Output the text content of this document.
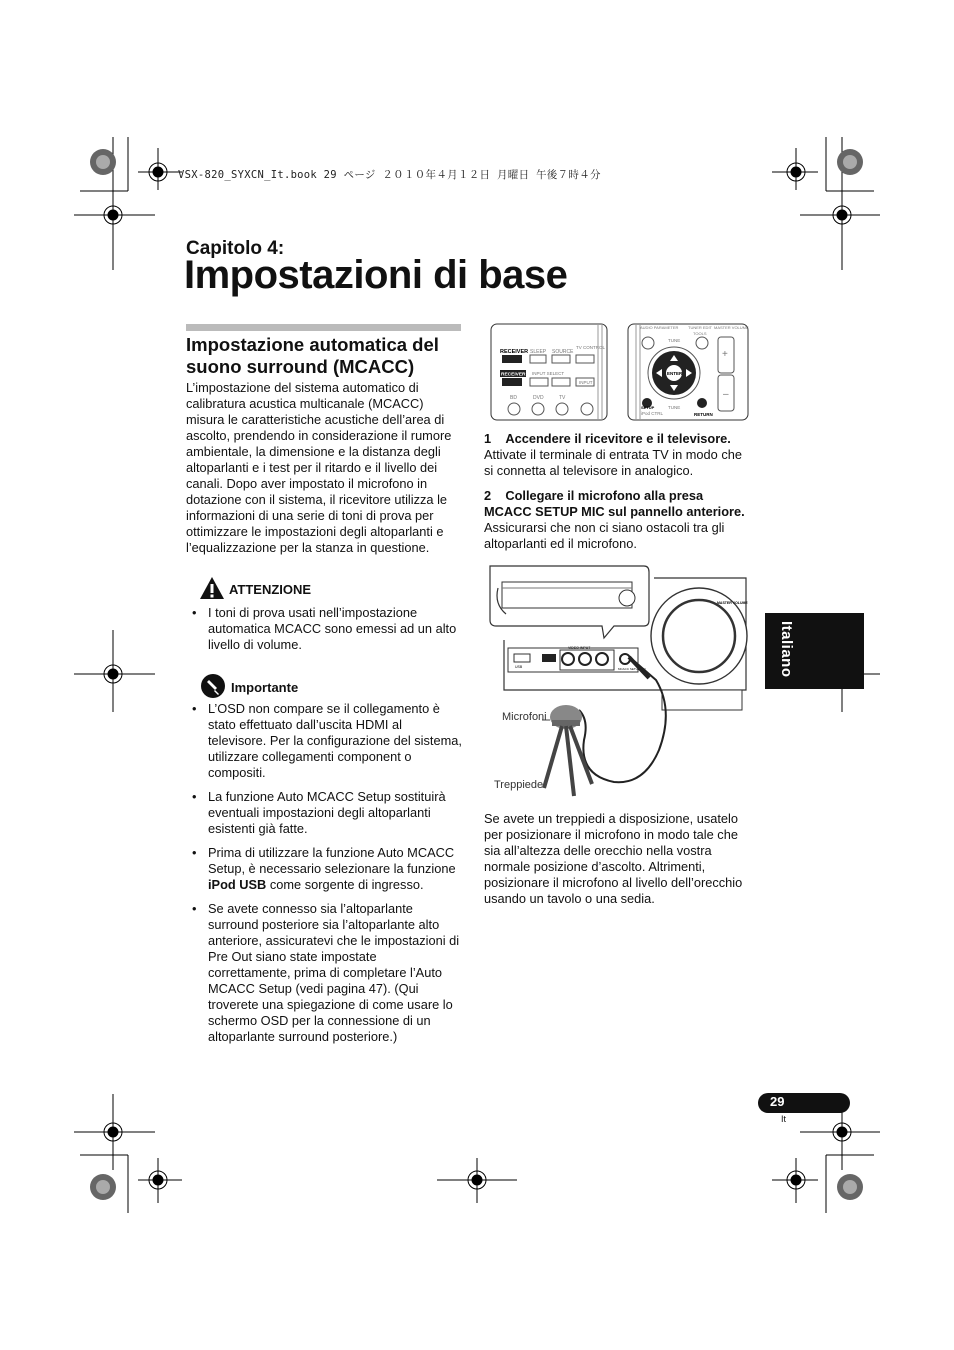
VSX-820_SYXCN_It.book 29 ページ ２０１０年４月１２日 月曜日 午後７時４分
Capitolo 4:
Impostazioni di base
Impostazione automatica del suono surround (MCACC)
L’impostazione del sistema automatico di calibratura acustica multicanale (MCACC) misura le caratteristiche acustiche dell’area di ascolto, prendendo in considerazione il rumore ambientale, la dimensione e la distanza degli altoparlanti e i test per il ritardo e il livello dei canali. Dopo aver impostato il microfono in dotazione con il sistema, il ricevitore utilizza le informazioni di una serie di toni di prova per ottimizzare le impostazioni degli altoparlanti e l’equalizzazione per la stanza in questione.
ATTENZIONE
• I toni di prova usati nell’impostazione automatica MCACC sono emessi ad un alto livello di volume.
Importante
• L’OSD non compare se il collegamento è stato effettuato dall’uscita HDMI al televisore. Per la configurazione del sistema, utilizzare collegamenti component o compositi.
• La funzione Auto MCACC Setup sostituirà eventuali impostazioni degli altoparlanti esistenti già fatte.
• Prima di utilizzare la funzione Auto MCACC Setup, è necessario selezionare la funzione iPod USB come sorgente di ingresso.
• Se avete connesso sia l’altoparlante surround posteriore sia l’altoparlante alto anteriore, assicuratevi che le impostazioni di Pre Out siano state impostate correttamente, prima di completare l’Auto MCACC Setup (vedi pagina 47). (Qui troverete una spiegazione di come usare lo schermo OSD per la connessione di un altoparlante surround posteriore.)
RECEIVER SLEEP SOURCE
TV CONTROL
RECEIVER INPUT SELECT
INPUT
BD	DVD	TV
AUDIO PARAMETER TUNER EDIT
TOOLS
MASTER VOLUME
ENTER
TUNE
TUNE
iPod CTRL
SETUP
RETURN
+
–
1 Accendere il ricevitore e il televisore.
Attivate il terminale di entrata TV in modo che si connetta al televisore in analogico.
2 Collegare il microfono alla presa MCACC SETUP MIC sul pannello anteriore.
Assicurarsi che non ci siano ostacoli tra gli altoparlanti ed il microfono.
MASTER VOLUME
USB
VIDEO INPUT
MCACC SETUP MIC
Microfoni
Treppiede
Se avete un treppiedi a disposizione, usatelo per posizionare il microfono in modo tale che sia all’altezza delle orecchio nella vostra normale posizione d’ascolto. Altrimenti, posizionare il microfono al livello dell’orecchio usando un tavolo o una sedia.
Italiano
29
It
